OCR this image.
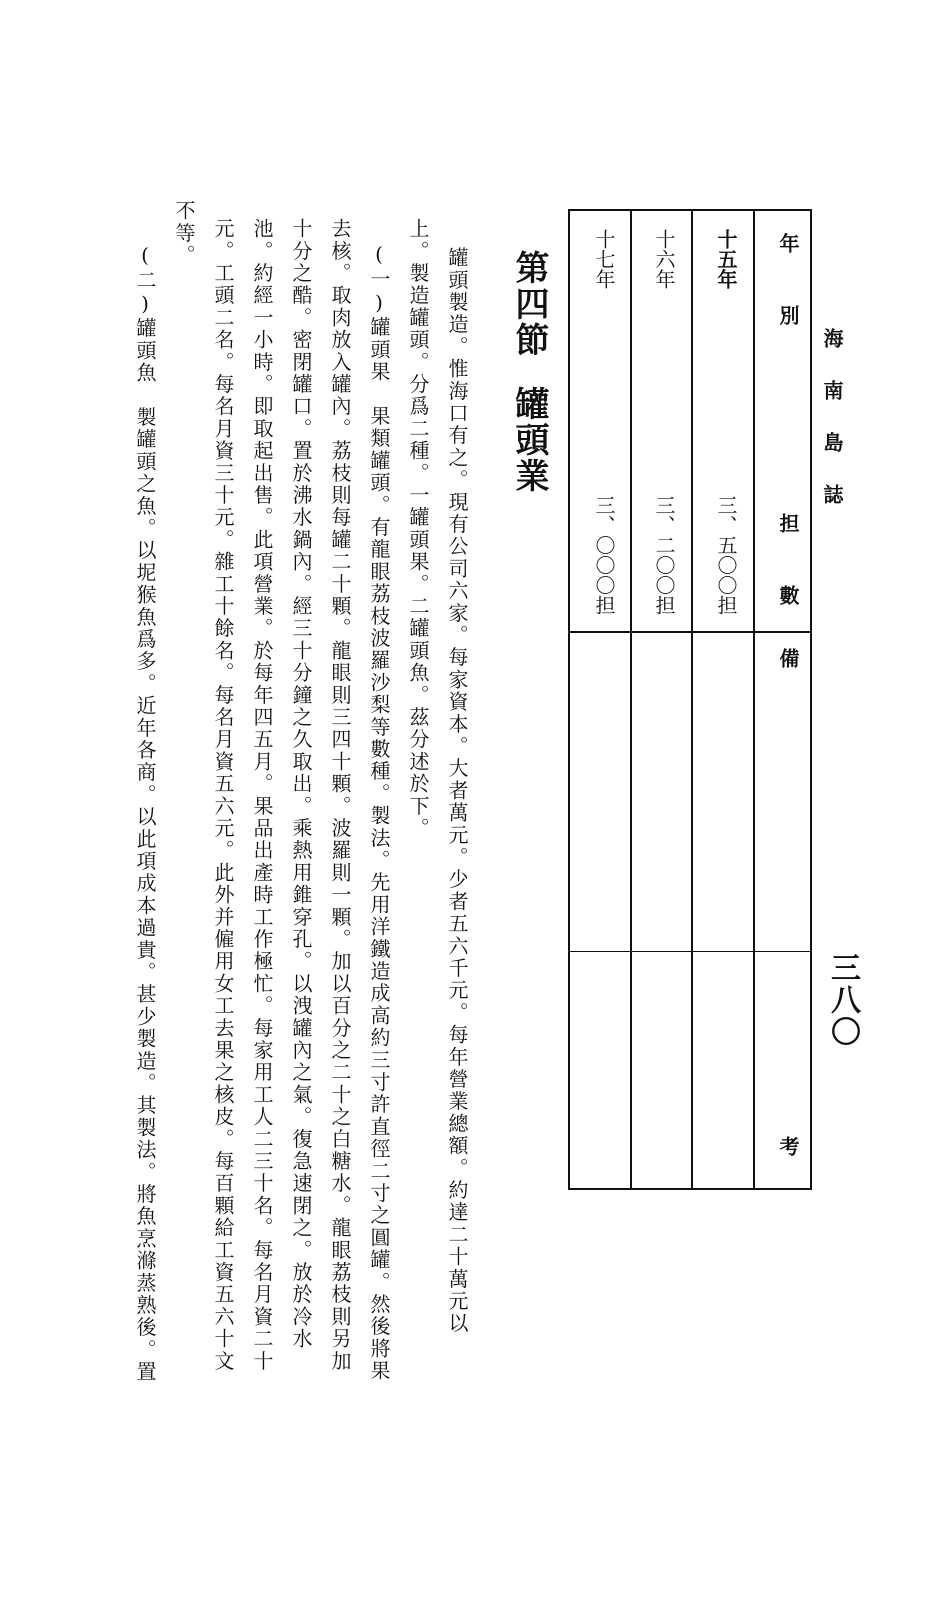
海南島誌
三八〇
年別
担數
備考
十五年
三、五〇〇担
十六年
三、二〇〇担
十七年
三、〇〇〇担
第四節罐頭業
罐頭製造。惟海口有之。現有公司六家。每家資本。大者萬元。少者五六千元。每年營業總額。約達二十萬元以
上。製造罐頭。分爲二種。一罐頭果。二罐頭魚。茲分述於下。
(一)罐頭果　果類罐頭。有龍眼荔枝波羅沙梨等數種。製法。先用洋鐵造成高約三寸許直徑二寸之圓罐。然後將果
去核。取肉放入罐內。荔枝則每罐二十顆。龍眼則三四十顆。波羅則一顆。加以百分之二十之白糖水。龍眼荔枝則另加
十分之酷。密閉罐口。置於沸水鍋內。經三十分鐘之久取出。乘熱用錐穿孔。以洩罐內之氣。復急速閉之。放於冷水
池。約經一小時。即取起出售。此項營業。於每年四五月。果品出產時工作極忙。每家用工人二三十名。每名月資二十
元。工頭二名。每名月資三十元。雜工十餘名。每名月資五六元。此外并僱用女工去果之核皮。每百顆給工資五六十文
不等。
(二)罐頭魚　製罐頭之魚。以坭猴魚爲多。近年各商。以此項成本過貴。甚少製造。其製法。將魚烹滌蒸熟後。置
